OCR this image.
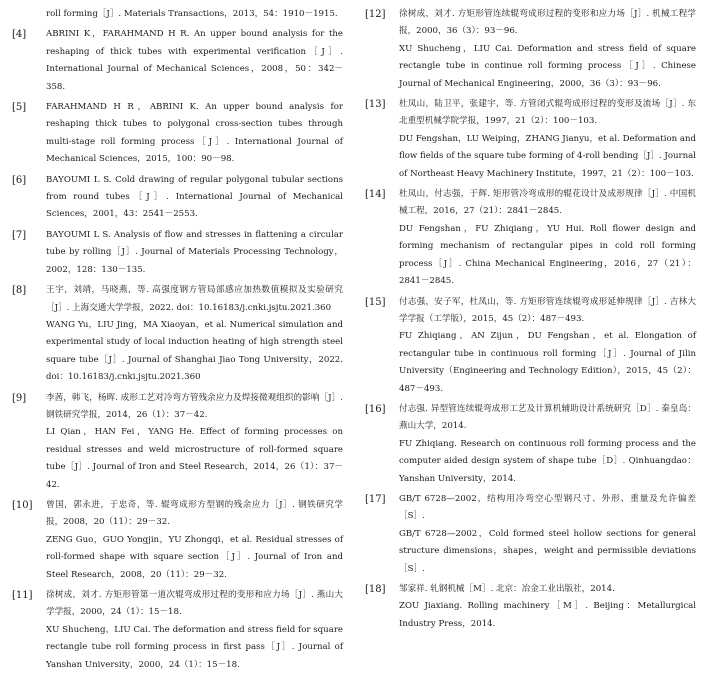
roll forming［J］. Materials Transactions，2013，54：1910－1915.

[4]	ABRINI K，FARAHMAND H R. An upper bound analysis for the reshaping of thick tubes with experimental verification［J］. International Journal of Mechanical Sciences，2008，50：342－358.

[5]	FARAHMAND H R，ABRINI K. An upper bound analysis for reshaping thick tubes to polygonal cross-section tubes through multi-stage roll forming process［J］. International Journal of Mechanical Sciences，2015，100：90－98.

[6]	BAYOUMI L S. Cold drawing of regular polygonal tubular sections from round tubes［J］. International Journal of Mechanical Sciences，2001，43：2541－2553.

[7]	BAYOUMI L S. Analysis of flow and stresses in flattening a circular tube by rolling［J］. Journal of Materials Processing Technology，2002，128：130－135.

[8]	王宇，刘靖，马晓燕，等. 高强度钢方管局部感应加热数值模拟及实验研究［J］. 上海交通大学学报，2022. doi：10.16183/j.cnki.jsjtu.2021.360

WANG Yu，LIU Jing，MA Xiaoyan，et al. Numerical simulation and experimental study of local induction heating of high strength steel square tube［J］. Journal of Shanghai Jiao Tong University，2022. doi：10.16183/j.cnki.jsjtu.2021.360

[9]	李茜，韩飞，杨晖. 成形工艺对冷弯方管残余应力及焊接微观组织的影响［J］. 钢铁研究学报，2014，26（1）：37－42.

LI Qian，HAN Fei，YANG He. Effect of forming processes on residual stresses and weld microstructure of roll-formed square tube［J］. Journal of Iron and Steel Research，2014，26（1）：37－42.

[10]	曾国，郭永进，于忠奇，等. 辊弯成形方型钢的残余应力［J］. 钢铁研究学报，2008，20（11）：29－32.

ZENG Guo，GUO Yongjin，YU Zhongqi，et al. Residual stresses of roll-formed shape with square section［J］. Journal of Iron and Steel Research，2008，20（11）：29－32.

[11]	徐树成，刘才. 方矩形管第一道次辊弯成形过程的变形和应力场［J］. 燕山大学学报，2000，24（1）：15－18.

XU Shucheng，LIU Cai. The deformation and stress field for square rectangle tube roll forming process in first pass［J］. Journal of Yanshan University，2000，24（1）：15－18.

[12]	徐树成，刘才. 方矩形管连续辊弯成形过程的变形和应力场［J］. 机械工程学报，2000，36（3）：93－96.

XU Shucheng，LIU Cai. Deformation and stress field of square rectangle tube in continue roll forming process［J］. Chinese Journal of Mechanical Engineering，2000，36（3）：93－96.

[13]	杜凤山，陆卫平，张建宇，等. 方管闭式辊弯成形过程的变形及流场［J］. 东北重型机械学院学报，1997，21（2）：100－103.

DU Fengshan，LU Weiping，ZHANG Jianyu，et al. Deformation and flow fields of the square tube forming of 4-roll bending［J］. Journal of Northeast Heavy Machinery Institute，1997，21（2）：100－103.

[14]	杜凤山，付志强，于辉. 矩形管冷弯成形的辊花设计及成形规律［J］. 中国机械工程，2016，27（21）：2841－2845.

DU Fengshan，FU Zhiqiang，YU Hui. Roll flower design and forming mechanism of rectangular pipes in cold roll forming process［J］. China Mechanical Engineering，2016，27（21）：2841－2845.

[15]	付志强，安子军，杜凤山，等. 方矩形管连续辊弯成形延伸规律［J］. 吉林大学学报（工学版），2015，45（2）：487－493.

FU Zhiqiang，AN Zijun，DU Fengshan，et al. Elongation of rectangular tube in continuous roll forming［J］. Journal of Jilin University（Engineering and Technology Edition），2015，45（2）：487－493.

[16]	付志强. 异型管连续辊弯成形工艺及计算机辅助设计系统研究［D］. 秦皇岛：燕山大学，2014.

FU Zhiqiang. Research on continuous roll forming process and the computer aided design system of shape tube［D］. Qinhuangdao：Yanshan University，2014.

[17]	GB/T 6728—2002，结构用冷弯空心型钢尺寸、外形、重量及允许偏差［S］.

GB/T 6728—2002，Cold formed steel hollow sections for general structure dimensions，shapes，weight and permissible deviations［S］.

[18]	邹家祥. 轧钢机械［M］. 北京：冶金工业出版社，2014.

ZOU Jiaxiang. Rolling machinery［M］. Beijing：Metallurgical Industry Press，2014.
